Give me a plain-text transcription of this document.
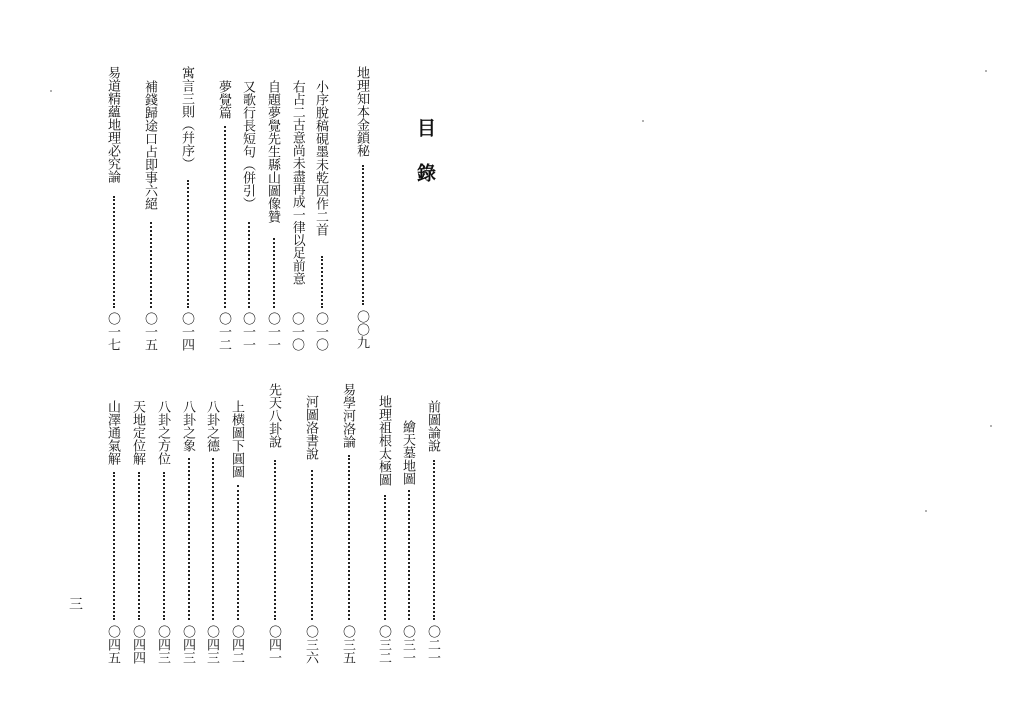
目錄
地理知本金鎖秘
〇〇九
小序脫稿硯墨未乾因作二首
〇一〇
右占二古意尚未盡再成一律以足前意
〇一〇
自題夢覺先生縣山圖像贊
〇一一
又歌行長短句（併引）
〇一一
夢覺篇
〇一二
寓言三則（幷序）
〇一四
補錢歸途口占即事六絕
〇一五
易道精蘊地理必究論
〇一七
前圖論說
〇二一
繪天墓地圖
〇三一
地理祖根太極圖
〇三二
易學河洛論
〇三五
河圖洛書說
〇三六
先天八卦說
〇四一
上横圖下圓圖
〇四二
八卦之德
〇四三
八卦之象
〇四三
八卦之方位
〇四三
天地定位解
〇四四
山澤通氣解
〇四五
三
